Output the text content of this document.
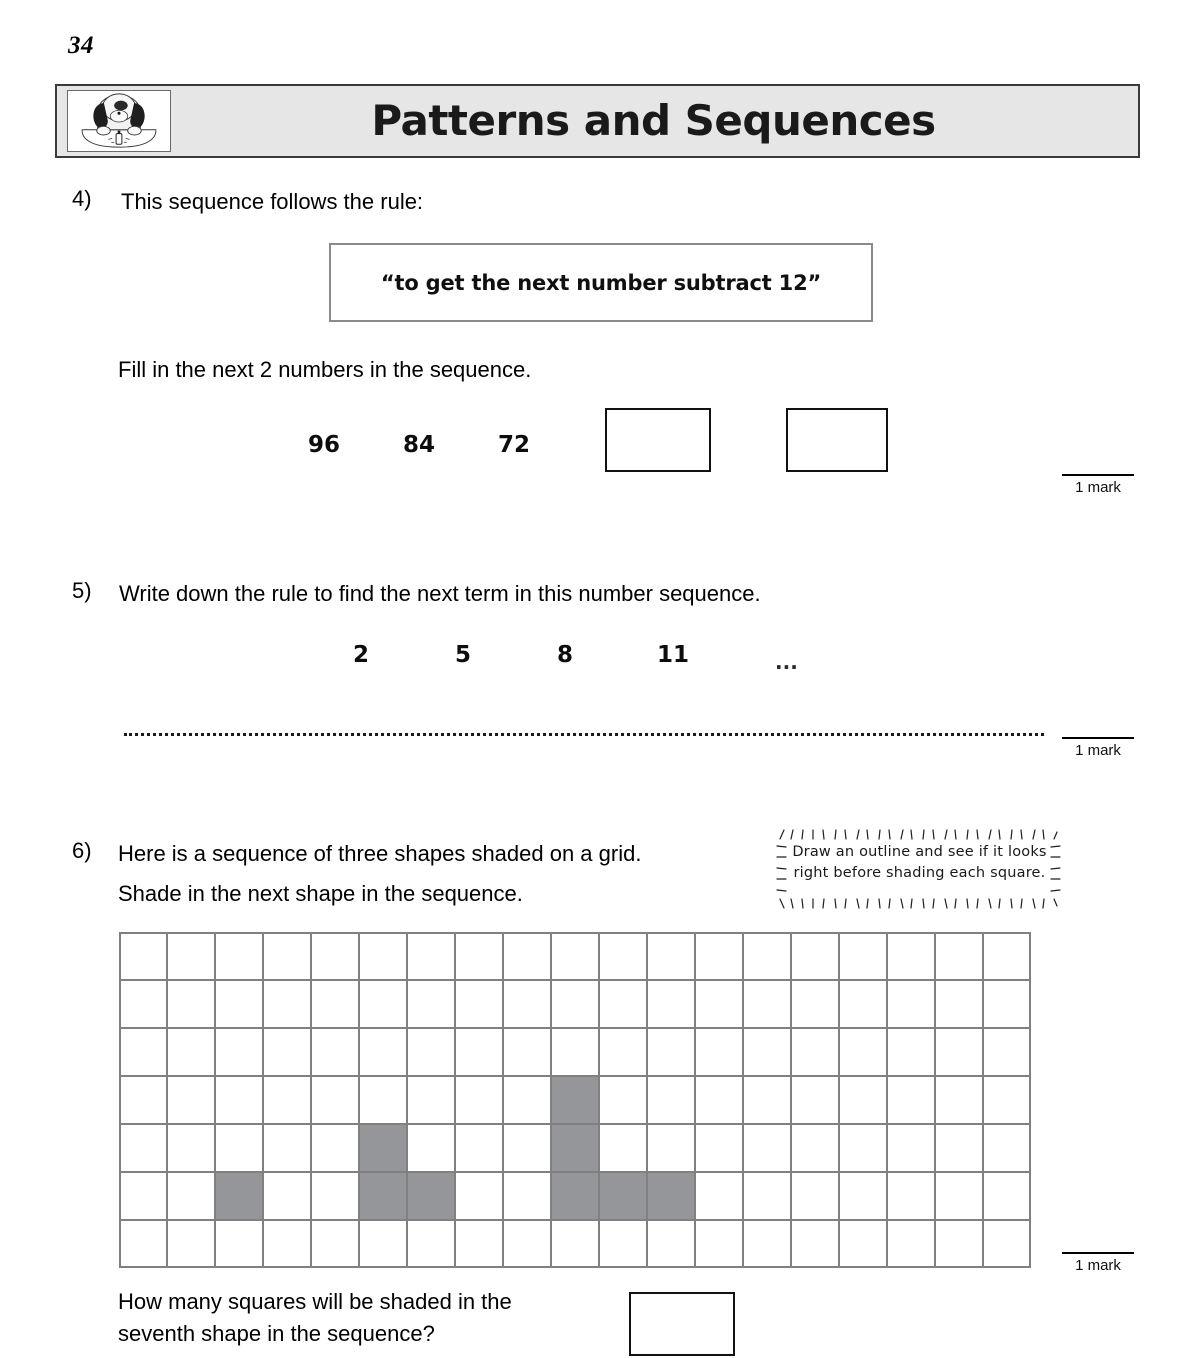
34
Patterns and Sequences
4) This sequence follows the rule:
“to get the next number subtract 12”
Fill in the next 2 numbers in the sequence.
96	84	72
1 mark
5) Write down the rule to find the next term in this number sequence.
2	5	8	11	...
1 mark
6) Here is a sequence of three shapes shaded on a grid.
Shade in the next shape in the sequence.
Draw an outline and see if it looks
right before shading each square.
1 mark
How many squares will be shaded in the
seventh shape in the sequence?
